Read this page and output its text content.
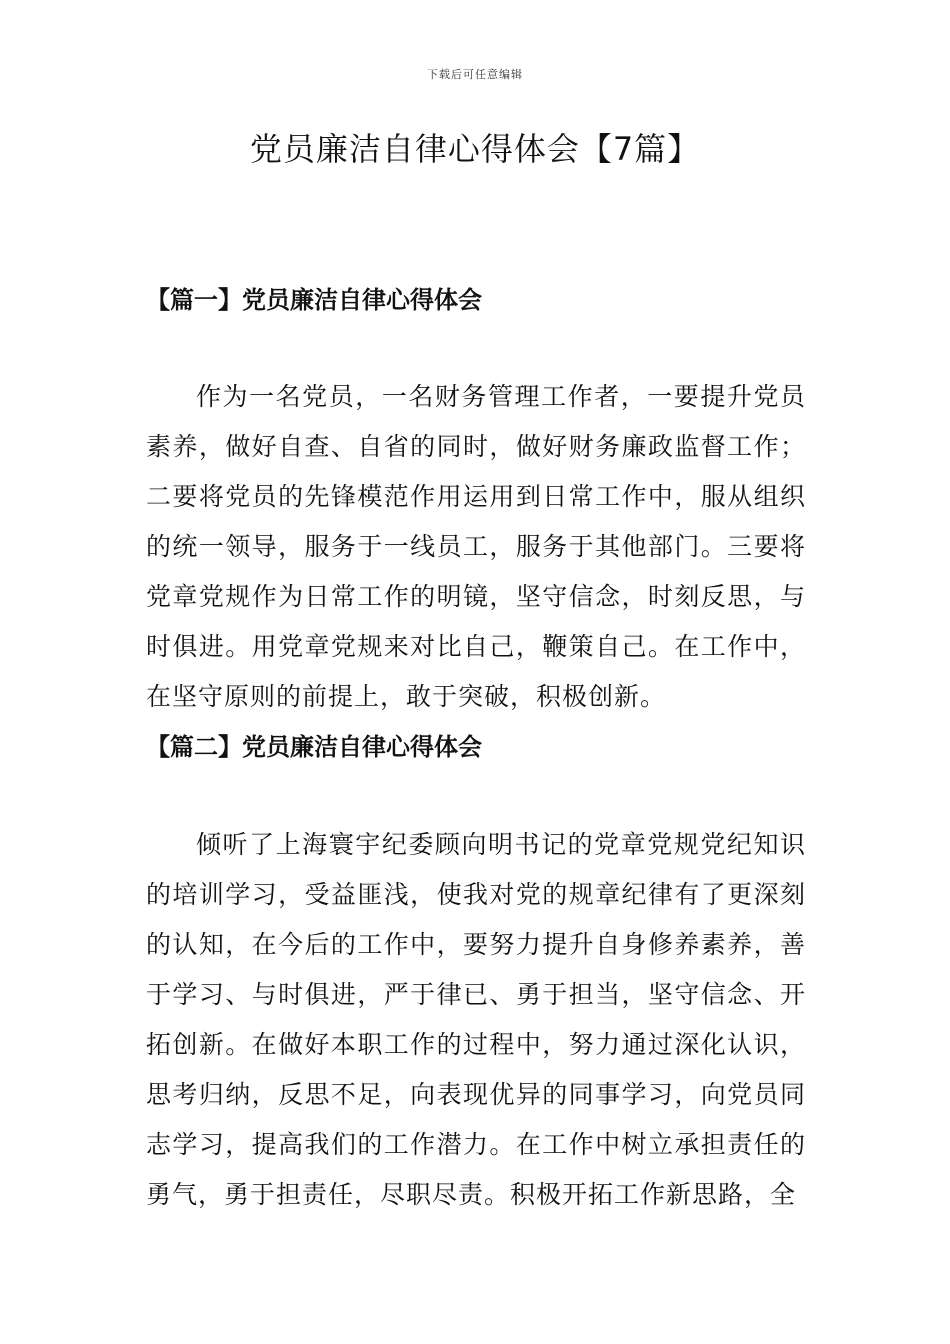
下载后可任意编辑
党员廉洁自律心得体会【7篇】
【篇一】党员廉洁自律心得体会

作为一名党员，一名财务管理工作者，一要提升党员素养，做好自查、自省的同时，做好财务廉政监督工作；二要将党员的先锋模范作用运用到日常工作中，服从组织的统一领导，服务于一线员工，服务于其他部门。三要将党章党规作为日常工作的明镜，坚守信念，时刻反思，与时俱进。用党章党规来对比自己，鞭策自己。在工作中，在坚守原则的前提上，敢于突破，积极创新。

【篇二】党员廉洁自律心得体会

倾听了上海寰宇纪委顾向明书记的党章党规党纪知识的培训学习，受益匪浅，使我对党的规章纪律有了更深刻的认知，在今后的工作中，要努力提升自身修养素养，善于学习、与时俱进，严于律已、勇于担当，坚守信念、开拓创新。在做好本职工作的过程中，努力通过深化认识，思考归纳，反思不足，向表现优异的同事学习，向党员同志学习，提高我们的工作潜力。在工作中树立承担责任的勇气，勇于担责任，尽职尽责。积极开拓工作新思路，全
